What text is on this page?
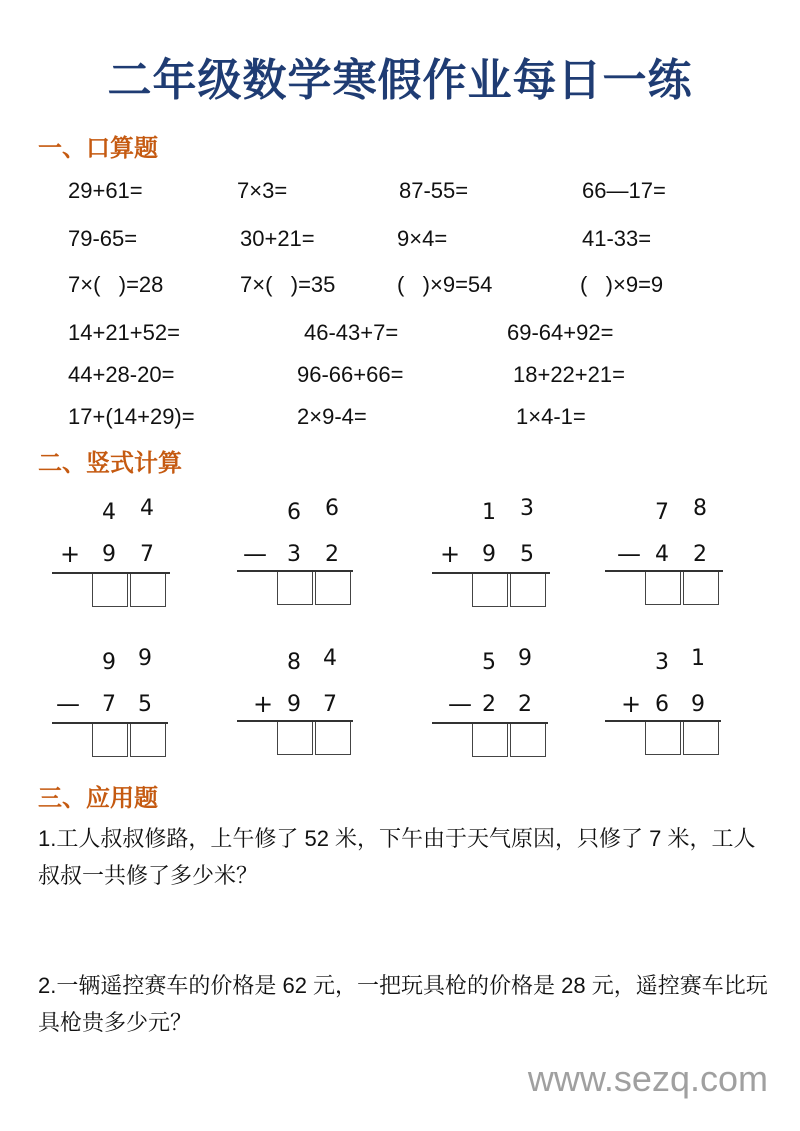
二年级数学寒假作业每日一练
一、口算题
29+61=	7×3=	87-55=	66—17=
79-65=	30+21=	9×4=	41-33=
7×(   )=28	7×(   )=35	(   )×9=54	(   )×9=9
14+21+52=	46-43+7=	69-64+92=
44+28-20=	96-66+66=	18+22+21=
17+(14+29)=	2×9-4=	1×4-1=
二、竖式计算
4 4
+ 9 7
6 6
— 3 2
1 3
+ 9 5
7 8
— 4 2
9 9
— 7 5
8 4
+ 9 7
5 9
— 2 2
3 1
+ 6 9
三、应用题
1.工人叔叔修路，上午修了 52 米，下午由于天气原因，只修了 7 米，工人叔叔一共修了多少米？
2.一辆遥控赛车的价格是 62 元，一把玩具枪的价格是 28 元，遥控赛车比玩具枪贵多少元？
www.sezq.com
